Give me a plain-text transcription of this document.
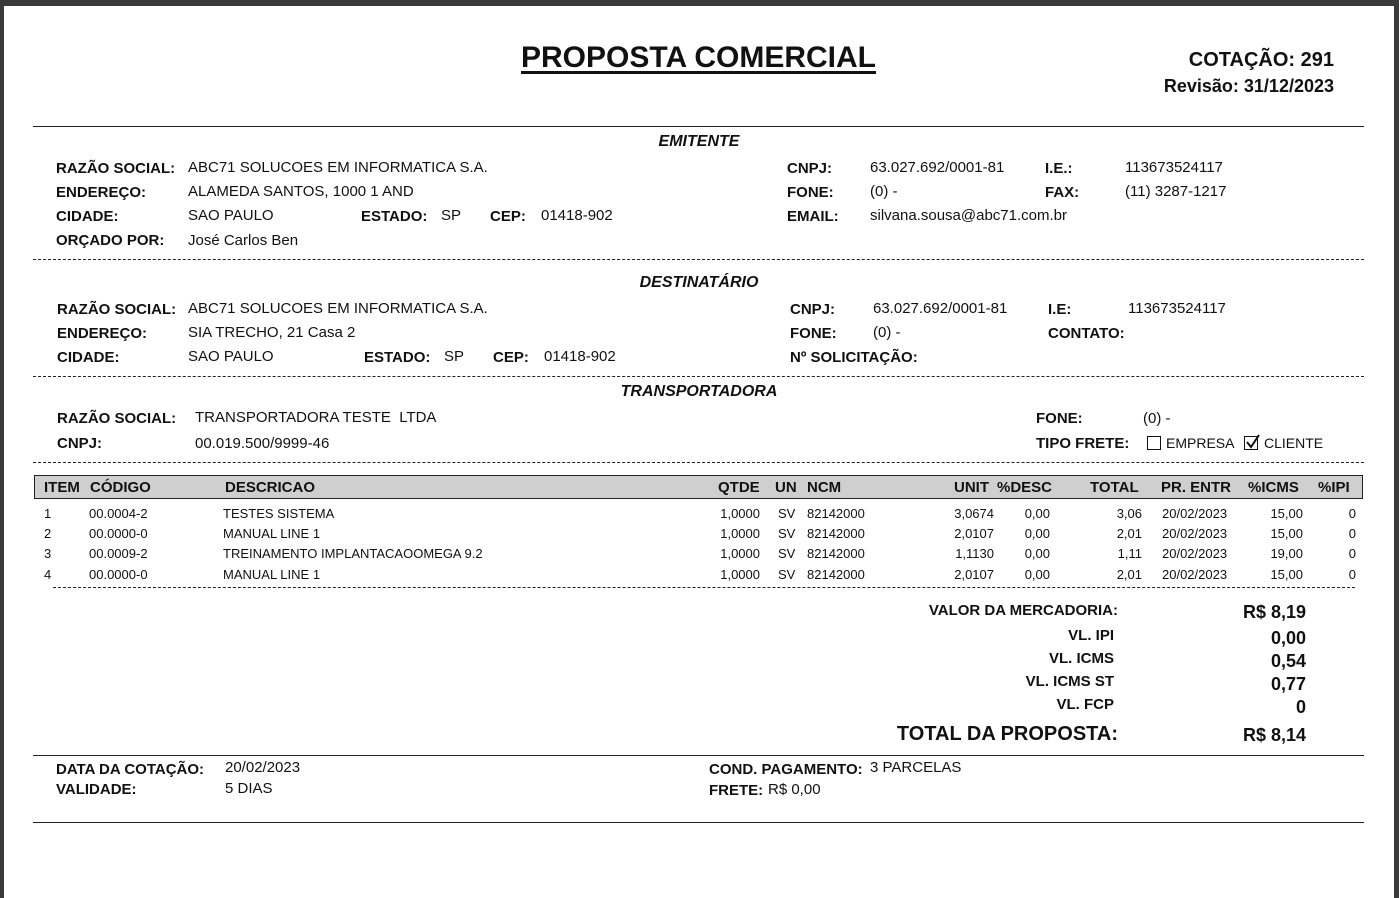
PROPOSTA COMERCIAL	COTAÇÃO: 291
Revisão: 31/12/2023
EMITENTE
RAZÃO SOCIAL: ABC71 SOLUCOES EM INFORMATICA S.A.
ENDEREÇO:	ALAMEDA SANTOS, 1000 1 AND
CIDADE:	SAO PAULO	ESTADO: SP CEP: 01418-902
ORÇADO POR: José Carlos Ben
CNPJ:	63.027.692/0001-81
FONE: (0) -
EMAIL: silvana.sousa@abc71.com.br
I.E.:	113673524117
FAX:	(11) 3287-1217
DESTINATÁRIO
RAZÃO SOCIAL: ABC71 SOLUCOES EM INFORMATICA S.A.
ENDEREÇO:	SIA TRECHO, 21 Casa 2
CIDADE:	SAO PAULO	ESTADO: SP CEP: 01418-902
CNPJ:	63.027.692/0001-81
FONE: (0) -
Nº SOLICITAÇÃO:
I.E:	113673524117
CONTATO:
TRANSPORTADORA
RAZÃO SOCIAL: TRANSPORTADORA TESTE  LTDA
CNPJ:	00.019.500/9999-46
FONE:	(0) -
TIPO FRETE:	EMPRESA CLIENTE
ITEM CÓDIGO	DESCRICAO	QTDE UN NCM	UNIT %DESC	TOTAL PR. ENTR %ICMS %IPI
1	00.0004-2	TESTES SISTEMA	1,0000 SV 82142000	3,0674 0,00	3,06 20/02/2023	15,00	0
2	00.0000-0	MANUAL LINE 1	1,0000 SV 82142000	2,0107 0,00	2,01 20/02/2023	15,00	0
3	00.0009-2	TREINAMENTO IMPLANTACAOOMEGA 9.2	1,0000 SV 82142000	1,1130 0,00	1,11 20/02/2023	19,00	0
4	00.0000-0	MANUAL LINE 1	1,0000 SV 82142000	2,0107 0,00	2,01 20/02/2023	15,00	0
VALOR DA MERCADORIA:	R$ 8,19
VL. IPI	0,00
VL. ICMS	0,54
VL. ICMS ST	0,77
VL. FCP	0
TOTAL DA PROPOSTA:	R$ 8,14
DATA DA COTAÇÃO: 20/02/2023
VALIDADE:	5 DIAS
COND. PAGAMENTO: 3 PARCELAS
FRETE: R$ 0,00
